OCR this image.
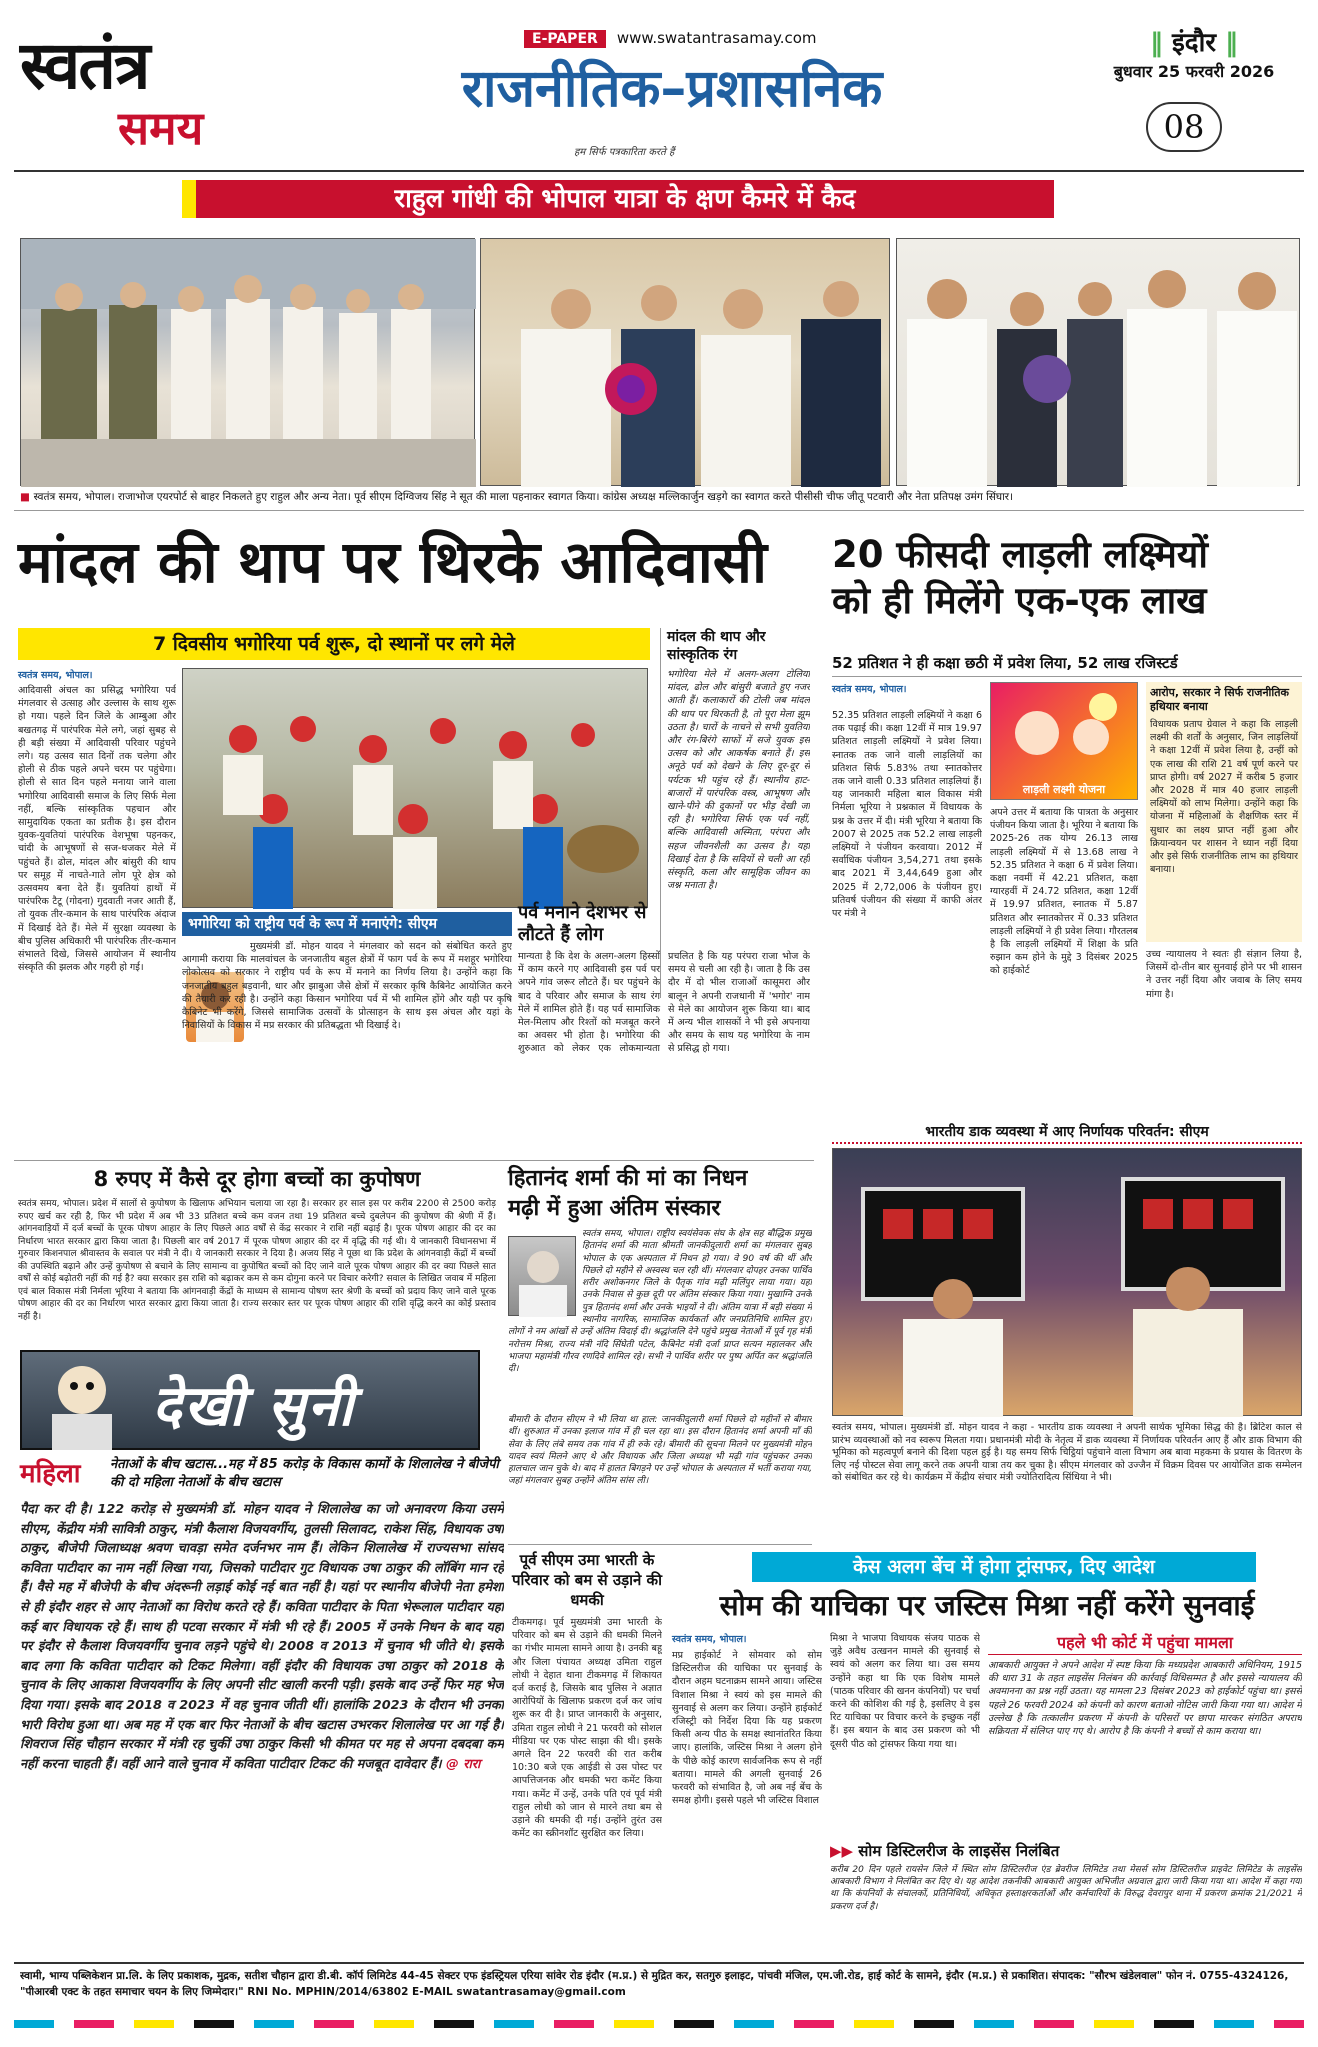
स्वतंत्र
समय
E-PAPER www.swatantrasamay.com
राजनीतिक–प्रशासनिक
हम सिर्फ पत्रकारिता करते हैं
‖ इंदौर ‖
बुधवार 25 फरवरी 2026
08
राहुल गांधी की भोपाल यात्रा के क्षण कैमरे में कैद
■ स्वतंत्र समय, भोपाल। राजाभोज एयरपोर्ट से बाहर निकलते हुए राहुल और अन्य नेता। पूर्व सीएम दिग्विजय सिंह ने सूत की माला पहनाकर स्वागत किया। कांग्रेस अध्यक्ष मल्लिकार्जुन खड़गे का स्वागत करते पीसीसी चीफ जीतू पटवारी और नेता प्रतिपक्ष उमंग सिंघार।
मांदल की थाप पर थिरके आदिवासी
7 दिवसीय भगोरिया पर्व शुरू, दो स्थानों पर लगे मेले
स्वतंत्र समय, भोपाल।
आदिवासी अंचल का प्रसिद्ध भगोरिया पर्व मंगलवार से उत्साह और उल्लास के साथ शुरू हो गया। पहले दिन जिले के आम्बुआ और बखतगढ़ में पारंपरिक मेले लगे, जहां सुबह से ही बड़ी संख्या में आदिवासी परिवार पहुंचने लगे। यह उत्सव सात दिनों तक चलेगा और होली से ठीक पहले अपने चरम पर पहुंचेगा। होली से सात दिन पहले मनाया जाने वाला भगोरिया आदिवासी समाज के लिए सिर्फ मेला नहीं, बल्कि सांस्कृतिक पहचान और सामुदायिक एकता का प्रतीक है। इस दौरान युवक-युवतियां पारंपरिक वेशभूषा पहनकर, चांदी के आभूषणों से सज-धजकर मेले में पहुंचते हैं। ढोल, मांदल और बांसुरी की थाप पर समूह में नाचते-गाते लोग पूरे क्षेत्र को उत्सवमय बना देते हैं। युवतियां हाथों में पारंपरिक टैटू (गोदना) गुदवाती नजर आती हैं, तो युवक तीर-कमान के साथ पारंपरिक अंदाज में दिखाई देते हैं। मेले में सुरक्षा व्यवस्था के बीच पुलिस अधिकारी भी पारंपरिक तीर-कमान संभालते दिखे, जिससे आयोजन में स्थानीय संस्कृति की झलक और गहरी हो गई।
मांदल की थाप और सांस्कृतिक रंग
भगोरिया मेले में अलग-अलग टोलियां मांदल, ढोल और बांसुरी बजाते हुए नजर आती हैं। कलाकारों की टोली जब मांदल की थाप पर थिरकती है, तो पूरा मेला झूम उठता है। चारों के नाचने से सभी युवतियां और रंग-बिरंगे साफों में सजे युवक इस उत्सव को और आकर्षक बनाते हैं। इस अनूठे पर्व को देखने के लिए दूर-दूर से पर्यटक भी पहुंच रहे हैं। स्थानीय हाट-बाजारों में पारंपरिक वस्त्र, आभूषण और खाने-पीने की दुकानों पर भीड़ देखी जा रही है। भगोरिया सिर्फ एक पर्व नहीं, बल्कि आदिवासी अस्मिता, परंपरा और सहज जीवनशैली का उत्सव है। यहां दिखाई देता है कि सदियों से चली आ रही संस्कृति, कला और सामूहिक जीवन का जश्न मनाता है।
भगोरिया को राष्ट्रीय पर्व के रूप में मनाएंगे: सीएम
मुख्यमंत्री डॉ. मोहन यादव ने मंगलवार को सदन को संबोधित करते हुए आगामी कराया कि मालवांचल के जनजातीय बहुल क्षेत्रों में फाग पर्व के रूप में मशहूर भगोरिया लोकोत्सव को सरकार ने राष्ट्रीय पर्व के रूप में मनाने का निर्णय लिया है। उन्होंने कहा कि जनजातीय बहुल बड़वानी, धार और झाबुआ जैसे क्षेत्रों में सरकार कृषि कैबिनेट आयोजित करने की तैयारी कर रही है। उन्होंने कहा किसान भगोरिया पर्व में भी शामिल होंगे और यही पर कृषि कैबिनेट भी करेंगे, जिससे सामाजिक उत्सवों के प्रोत्साहन के साथ इस अंचल और यहां के निवासियों के विकास में मप्र सरकार की प्रतिबद्धता भी दिखाई दे।
पर्व मनाने देशभर से लौटते हैं लोग
मान्यता है कि देश के अलग-अलग हिस्सों में काम करने गए आदिवासी इस पर्व पर अपने गांव जरूर लौटते हैं। घर पहुंचने के बाद वे परिवार और समाज के साथ रंग मेले में शामिल होते हैं। यह पर्व सामाजिक मेल-मिलाप और रिश्तों को मजबूत करने का अवसर भी होता है। भगोरिया की शुरुआत को लेकर एक लोकमान्यता प्रचलित है कि यह परंपरा राजा भोज के समय से चली आ रही है। जाता है कि उस दौर में दो भील राजाओं कासूमरा और बालून ने अपनी राजधानी में 'भगोर' नाम से मेले का आयोजन शुरू किया था। बाद में अन्य भील शासकों ने भी इसे अपनाया और समय के साथ यह भगोरिया के नाम से प्रसिद्ध हो गया।
20 फीसदी लाड़ली लक्ष्मियों
को ही मिलेंगे एक-एक लाख
52 प्रतिशत ने ही कक्षा छठी में प्रवेश लिया, 52 लाख रजिस्टर्ड
स्वतंत्र समय, भोपाल।
52.35 प्रतिशत लाड़ली लक्ष्मियों ने कक्षा 6 तक पढ़ाई की। कक्षा 12वीं में मात्र 19.97 प्रतिशत लाड़ली लक्ष्मियों ने प्रवेश लिया। स्नातक तक जाने वाली लाड़लियों का प्रतिशत सिर्फ 5.83% तथा स्नातकोत्तर तक जाने वाली 0.33 प्रतिशत लाड़लियां हैं। यह जानकारी महिला बाल विकास मंत्री निर्मला भूरिया ने प्रश्नकाल में विधायक के प्रश्न के उत्तर में दी। मंत्री भूरिया ने बताया कि 2007 से 2025 तक 52.2 लाख लाड़ली लक्ष्मियों ने पंजीयन करवाया। 2012 में सर्वाधिक पंजीयन 3,54,271 तथा इसके बाद 2021 में 3,44,649 हुआ और 2025 में 2,72,006 के पंजीयन हुए। प्रतिवर्ष पंजीयन की संख्या में काफी अंतर पर मंत्री ने
लाड़ली लक्ष्मी योजना
अपने उत्तर में बताया कि पात्रता के अनुसार पंजीयन किया जाता है। भूरिया ने बताया कि 2025-26 तक योग्य 26.13 लाख लाड़ली लक्ष्मियों में से 13.68 लाख ने 52.35 प्रतिशत ने कक्षा 6 में प्रवेश लिया। कक्षा नवमीं में 42.21 प्रतिशत, कक्षा ग्यारहवीं में 24.72 प्रतिशत, कक्षा 12वीं में 19.97 प्रतिशत, स्नातक में 5.87 प्रतिशत और स्नातकोत्तर में 0.33 प्रतिशत लाड़ली लक्ष्मियों ने ही प्रवेश लिया। गौरतलब है कि लाड़ली लक्ष्मियों में शिक्षा के प्रति रुझान कम होने के मुद्दे 3 दिसंबर 2025 को हाईकोर्ट
आरोप, सरकार ने सिर्फ राजनीतिक हथियार बनाया
विधायक प्रताप ग्रेवाल ने कहा कि लाड़ली लक्ष्मी की शर्तों के अनुसार, जिन लाड़लियों ने कक्षा 12वीं में प्रवेश लिया है, उन्हीं को एक लाख की राशि 21 वर्ष पूर्ण करने पर प्राप्त होगी। वर्ष 2027 में करीब 5 हजार और 2028 में मात्र 40 हजार लाड़ली लक्ष्मियों को लाभ मिलेगा। उन्होंने कहा कि योजना में महिलाओं के शैक्षणिक स्तर में सुधार का लक्ष्य प्राप्त नहीं हुआ और क्रियान्वयन पर शासन ने ध्यान नहीं दिया और इसे सिर्फ राजनीतिक लाभ का हथियार बनाया।
उच्च न्यायालय ने स्वतः ही संज्ञान लिया है, जिसमें दो-तीन बार सुनवाई होने पर भी शासन ने उत्तर नहीं दिया और जवाब के लिए समय मांगा है।
भारतीय डाक व्यवस्था में आए निर्णायक परिवर्तन: सीएम
स्वतंत्र समय, भोपाल। मुख्यमंत्री डॉ. मोहन यादव ने कहा - भारतीय डाक व्यवस्था ने अपनी सार्थक भूमिका सिद्ध की है। ब्रिटिश काल से प्रारंभ व्यवस्थाओं को नव स्वरूप मिलता गया। प्रधानमंत्री मोदी के नेतृत्व में डाक व्यवस्था में निर्णायक परिवर्तन आए हैं और डाक विभाग की भूमिका को महत्वपूर्ण बनाने की दिशा पहल हुई है। यह समय सिर्फ चिट्ठियां पहुंचाने वाला विभाग अब बावा महकमा के प्रयास के वितरण के लिए नई पोस्टल सेवा लागू करने तक अपनी यात्रा तय कर चुका है। सीएम मंगलवार को उज्जैन में विक्रम दिवस पर आयोजित डाक सम्मेलन को संबोधित कर रहे थे। कार्यक्रम में केंद्रीय संचार मंत्री ज्योतिरादित्य सिंधिया ने भी।
8 रुपए में कैसे दूर होगा बच्चों का कुपोषण
स्वतंत्र समय, भोपाल। प्रदेश में सालों से कुपोषण के खिलाफ अभियान चलाया जा रहा है। सरकार हर साल इस पर करीब 2200 से 2500 करोड़ रुपए खर्च कर रही है, फिर भी प्रदेश में अब भी 33 प्रतिशत बच्चे कम वजन तथा 19 प्रतिशत बच्चे दुबलेपन की कुपोषण की श्रेणी में हैं। आंगनवाड़ियों में दर्ज बच्चों के पूरक पोषण आहार के लिए पिछले आठ वर्षों से केंद्र सरकार ने राशि नहीं बढ़ाई है। पूरक पोषण आहार की दर का निर्धारण भारत सरकार द्वारा किया जाता है। पिछली बार वर्ष 2017 में पूरक पोषण आहार की दर में वृद्धि की गई थी। ये जानकारी विधानसभा में गुरुवार किशनपाल श्रीवास्तव के सवाल पर मंत्री ने दी। ये जानकारी सरकार ने दिया है। अजय सिंह ने पूछा था कि प्रदेश के आंगनवाड़ी केंद्रों में बच्चों की उपस्थिति बढ़ाने और उन्हें कुपोषण से बचाने के लिए सामान्य वा कुपोषित बच्चों को दिए जाने वाले पूरक पोषण आहार की दर क्या पिछले सात वर्षों से कोई बढ़ोतरी नहीं की गई है? क्या सरकार इस राशि को बढ़ाकर कम से कम दोगुना करने पर विचार करेगी? सवाल के लिखित जवाब में महिला एवं बाल विकास मंत्री निर्मला भूरिया ने बताया कि आंगनवाड़ी केंद्रों के माध्यम से सामान्य पोषण स्तर श्रेणी के बच्चों को प्रदाय किए जाने वाले पूरक पोषण आहार की दर का निर्धारण भारत सरकार द्वारा किया जाता है। राज्य सरकार स्तर पर पूरक पोषण आहार की राशि वृद्धि करने का कोई प्रस्ताव नहीं है।
हितानंद शर्मा की मां का निधन
मढ़ी में हुआ अंतिम संस्कार
स्वतंत्र समय, भोपाल। राष्ट्रीय स्वयंसेवक संघ के क्षेत्र सह बौद्धिक प्रमुख हितानंद शर्मा की माता श्रीमती जानकीदुलारी शर्मा का मंगलवार सुबह भोपाल के एक अस्पताल में निधन हो गया। वे 90 वर्ष की थीं और पिछले दो महीने से अस्वस्थ चल रही थीं। मंगलवार दोपहर उनका पार्थिव शरीर अशोकनगर जिले के पैतृक गांव मढ़ी मलिंपुर लाया गया। यहां उनके निवास से कुछ दूरी पर अंतिम संस्कार किया गया। मुखाग्नि उनके पुत्र हितानंद शर्मा और उनके भाइयों ने दी। अंतिम यात्रा में बड़ी संख्या में स्थानीय नागरिक, सामाजिक कार्यकर्ता और जनप्रतिनिधि शामिल हुए। लोगों ने नम आंखों से उन्हें अंतिम विदाई दी। श्रद्धांजलि देने पहुंचे प्रमुख नेताओं में पूर्व गृह मंत्री नरोत्तम मिश्रा, राज्य मंत्री नंदि सिंघेती पटेल, कैबिनेट मंत्री दर्जा प्राप्त सत्यन महालकर और भाजपा महामंत्री गौरव रणदिवे शामिल रहे। सभी ने पार्थिव शरीर पर पुष्प अर्पित कर श्रद्धांजलि दी।
बीमारी के दौरान सीएम ने भी लिया था हाल: जानकीदुलारी शर्मा पिछले दो महीनों से बीमार थीं। शुरुआत में उनका इलाज गांव में ही चल रहा था। इस दौरान हितानंद शर्मा अपनी माँ की सेवा के लिए लंबे समय तक गांव में ही रुके रहे। बीमारी की सूचना मिलने पर मुख्यमंत्री मोहन यादव स्वयं मिलने आए थे और विधायक और जिला अध्यक्ष भी मढ़ी गांव पहुंचकर उनका हालचाल जान चुके थे। बाद में हालत बिगड़ने पर उन्हें भोपाल के अस्पताल में भर्ती कराया गया, जहां मंगलवार सुबह उन्होंने अंतिम सांस ली।
देखी सुनी
महिला	नेताओं के बीच खटास...मह में 85 करोड़ के विकास कामों के शिलालेख ने बीजेपी की दो महिला नेताओं के बीच खटास
पैदा कर दी है। 122 करोड़ से मुख्यमंत्री डॉ. मोहन यादव ने शिलालेख का जो अनावरण किया उसमें सीएम, केंद्रीय मंत्री सावित्री ठाकुर, मंत्री कैलाश विजयवर्गीय, तुलसी सिलावट, राकेश सिंह, विधायक उषा ठाकुर, बीजेपी जिलाध्यक्ष श्रवण चावड़ा समेत दर्जनभर नाम हैं। लेकिन शिलालेख में राज्यसभा सांसद कविता पाटीदार का नाम नहीं लिखा गया, जिसको पाटीदार गुट विधायक उषा ठाकुर की लॉबिंग मान रहे हैं। वैसे मह में बीजेपी के बीच अंदरूनी लड़ाई कोई नई बात नहीं है। यहां पर स्थानीय बीजेपी नेता हमेशा से ही इंदौर शहर से आए नेताओं का विरोध करते रहे हैं। कविता पाटीदार के पिता भेरूलाल पाटीदार यहां कई बार विधायक रहे हैं। साथ ही पटवा सरकार में मंत्री भी रहे हैं। 2005 में उनके निधन के बाद यहां पर इंदौर से कैलाश विजयवर्गीय चुनाव लड़ने पहुंचे थे। 2008 व 2013 में चुनाव भी जीते थे। इसके बाद लगा कि कविता पाटीदार को टिकट मिलेगा। वहीं इंदौर की विधायक उषा ठाकुर को 2018 के चुनाव के लिए आकाश विजयवर्गीय के लिए अपनी सीट खाली करनी पड़ी। इसके बाद उन्हें फिर मह भेज दिया गया। इसके बाद 2018 व 2023 में वह चुनाव जीती थीं। हालांकि 2023 के दौरान भी उनका भारी विरोध हुआ था। अब मह में एक बार फिर नेताओं के बीच खटास उभरकर शिलालेख पर आ गई है। शिवराज सिंह चौहान सरकार में मंत्री रह चुकीं उषा ठाकुर किसी भी कीमत पर मह से अपना दबदबा कम नहीं करना चाहती हैं। वहीं आने वाले चुनाव में कविता पाटीदार टिकट की मजबूत दावेदार हैं। @ रारा
पूर्व सीएम उमा भारती के परिवार को बम से उड़ाने की धमकी
टीकमगढ़। पूर्व मुख्यमंत्री उमा भारती के परिवार को बम से उड़ाने की धमकी मिलने का गंभीर मामला सामने आया है। उनकी बहू और जिला पंचायत अध्यक्ष उमिता राहुल लोधी ने देहात थाना टीकमगढ़ में शिकायत दर्ज कराई है, जिसके बाद पुलिस ने अज्ञात आरोपियों के खिलाफ प्रकरण दर्ज कर जांच शुरू कर दी है। प्राप्त जानकारी के अनुसार, उमिता राहुल लोधी ने 21 फरवरी को सोशल मीडिया पर एक पोस्ट साझा की थी। इसके अगले दिन 22 फरवरी की रात करीब 10:30 बजे एक आईडी से उस पोस्ट पर आपत्तिजनक और धमकी भरा कमेंट किया गया। कमेंट में उन्हें, उनके पति एवं पूर्व मंत्री राहुल लोधी को जान से मारने तथा बम से उड़ाने की धमकी दी गई। उन्होंने तुरंत उस कमेंट का स्क्रीनशॉट सुरक्षित कर लिया।
केस अलग बेंच में होगा ट्रांसफर, दिए आदेश
सोम की याचिका पर जस्टिस मिश्रा नहीं करेंगे सुनवाई
स्वतंत्र समय, भोपाल।
मप्र हाईकोर्ट ने सोमवार को सोम डिस्टिलरीज की याचिका पर सुनवाई के दौरान अहम घटनाक्रम सामने आया। जस्टिस विशाल मिश्रा ने स्वयं को इस मामले की सुनवाई से अलग कर लिया। उन्होंने हाईकोर्ट रजिस्ट्री को निर्देश दिया कि यह प्रकरण किसी अन्य पीठ के समक्ष स्थानांतरित किया जाए। हालांकि, जस्टिस मिश्रा ने अलग होने के पीछे कोई कारण सार्वजनिक रूप से नहीं बताया। मामले की अगली सुनवाई 26 फरवरी को संभावित है, जो अब नई बेंच के समक्ष होगी। इससे पहले भी जस्टिस विशाल
मिश्रा ने भाजपा विधायक संजय पाठक से जुड़े अवैध उत्खनन मामले की सुनवाई से स्वयं को अलग कर लिया था। उस समय उन्होंने कहा था कि एक विशेष मामले (पाठक परिवार की खनन कंपनियों) पर चर्चा करने की कोशिश की गई है, इसलिए वे इस रिट याचिका पर विचार करने के इच्छुक नहीं हैं। इस बयान के बाद उस प्रकरण को भी दूसरी पीठ को ट्रांसफर किया गया था।
पहले भी कोर्ट में पहुंचा मामला
आबकारी आयुक्त ने अपने आदेश में स्पष्ट किया कि मध्यप्रदेश आबकारी अधिनियम, 1915 की धारा 31 के तहत लाइसेंस निलंबन की कार्रवाई विधिसम्मत है और इससे न्यायालय की अवमानना का प्रश्न नहीं उठता। यह मामला 23 दिसंबर 2023 को हाईकोर्ट पहुंचा था। इससे पहले 26 फरवरी 2024 को कंपनी को कारण बताओ नोटिस जारी किया गया था। आदेश में उल्लेख है कि तत्कालीन प्रकरण में कंपनी के परिसरों पर छापा मारकर संगठित अपराध सक्रियता में संलिप्त पाए गए थे। आरोप है कि कंपनी ने बच्चों से काम कराया था।
▶▶ सोम डिस्टिलरीज के लाइसेंस निलंबित
करीब 20 दिन पहले रायसेन जिले में स्थित सोम डिस्टिलरीज एंड ब्रेवरीज लिमिटेड तथा मेसर्स सोम डिस्टिलरीज प्राइवेट लिमिटेड के लाइसेंस आबकारी विभाग ने निलंबित कर दिए थे। यह आदेश तकनीकी आबकारी आयुक्त अभिजीत अग्रवाल द्वारा जारी किया गया था। आदेश में कहा गया था कि कंपनियों के संचालकों, प्रतिनिधियों, अधिकृत हस्ताक्षरकर्ताओं और कर्मचारियों के विरुद्ध देवरापुर थाना में प्रकरण क्रमांक 21/2021 में प्रकरण दर्ज है।
स्वामी, भाग्य पब्लिकेशन प्रा.लि. के लिए प्रकाशक, मुद्रक, सतीश चौहान द्वारा डी.बी. कॉर्प लिमिटेड 44-45 सेक्टर एफ इंडस्ट्रियल एरिया सांवेर रोड इंदौर (म.प्र.) से मुद्रित कर, सतगुरु इलाइट, पांचवी मंजिल, एम.जी.रोड, हाई कोर्ट के सामने, इंदौर (म.प्र.) से प्रकाशित। संपादक: "सौरभ खंडेलवाल" फोन नं. 0755-4324126, "पीआरबी एक्ट के तहत समाचार चयन के लिए जिम्मेदार।" RNI No. MPHIN/2014/63802 E-MAIL swatantrasamay@gmail.com
